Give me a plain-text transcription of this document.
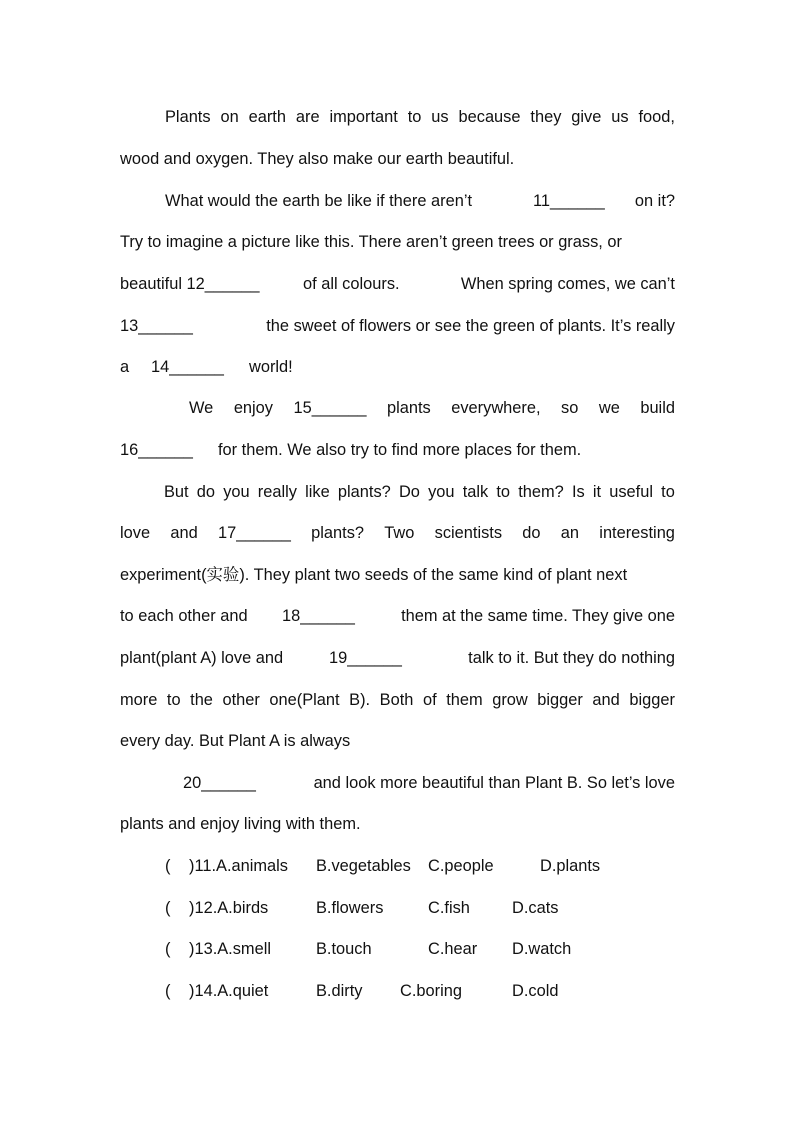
Plants on earth are important to us because they give us food,
wood and oxygen. They also make our earth beautiful.
What would the earth be like if there aren’t	11______ on it?
Try to imagine a picture like this. There aren’t green trees or grass, or
beautiful 12______	of all colours.	When spring comes, we can’t
13______	the sweet of flowers or see the green of plants. It’s really
a 14______ world!
We enjoy 15______ plants everywhere, so we build
16______ for them. We also try to find more places for them.
But do you really like plants? Do you talk to them? Is it useful to
love and 17______ plants? Two scientists do an interesting
experiment(实验). They plant two seeds of the same kind of plant next
to each other and 18______	them at the same time. They give one
plant(plant A) love and	19______	talk to it. But they do nothing
more to the other one(Plant B). Both of them grow bigger and bigger
every day. But Plant A is always
20______	and look more beautiful than Plant B. So let’s love
plants and enjoy living with them.
( )11.A.animals B.vegetables C.people	D.plants
( )12.A.birds	B.flowers	C.fish	D.cats
( )13.A.smell	B.touch	C.hear D.watch
( )14.A.quiet	B.dirty C.boring	D.cold
